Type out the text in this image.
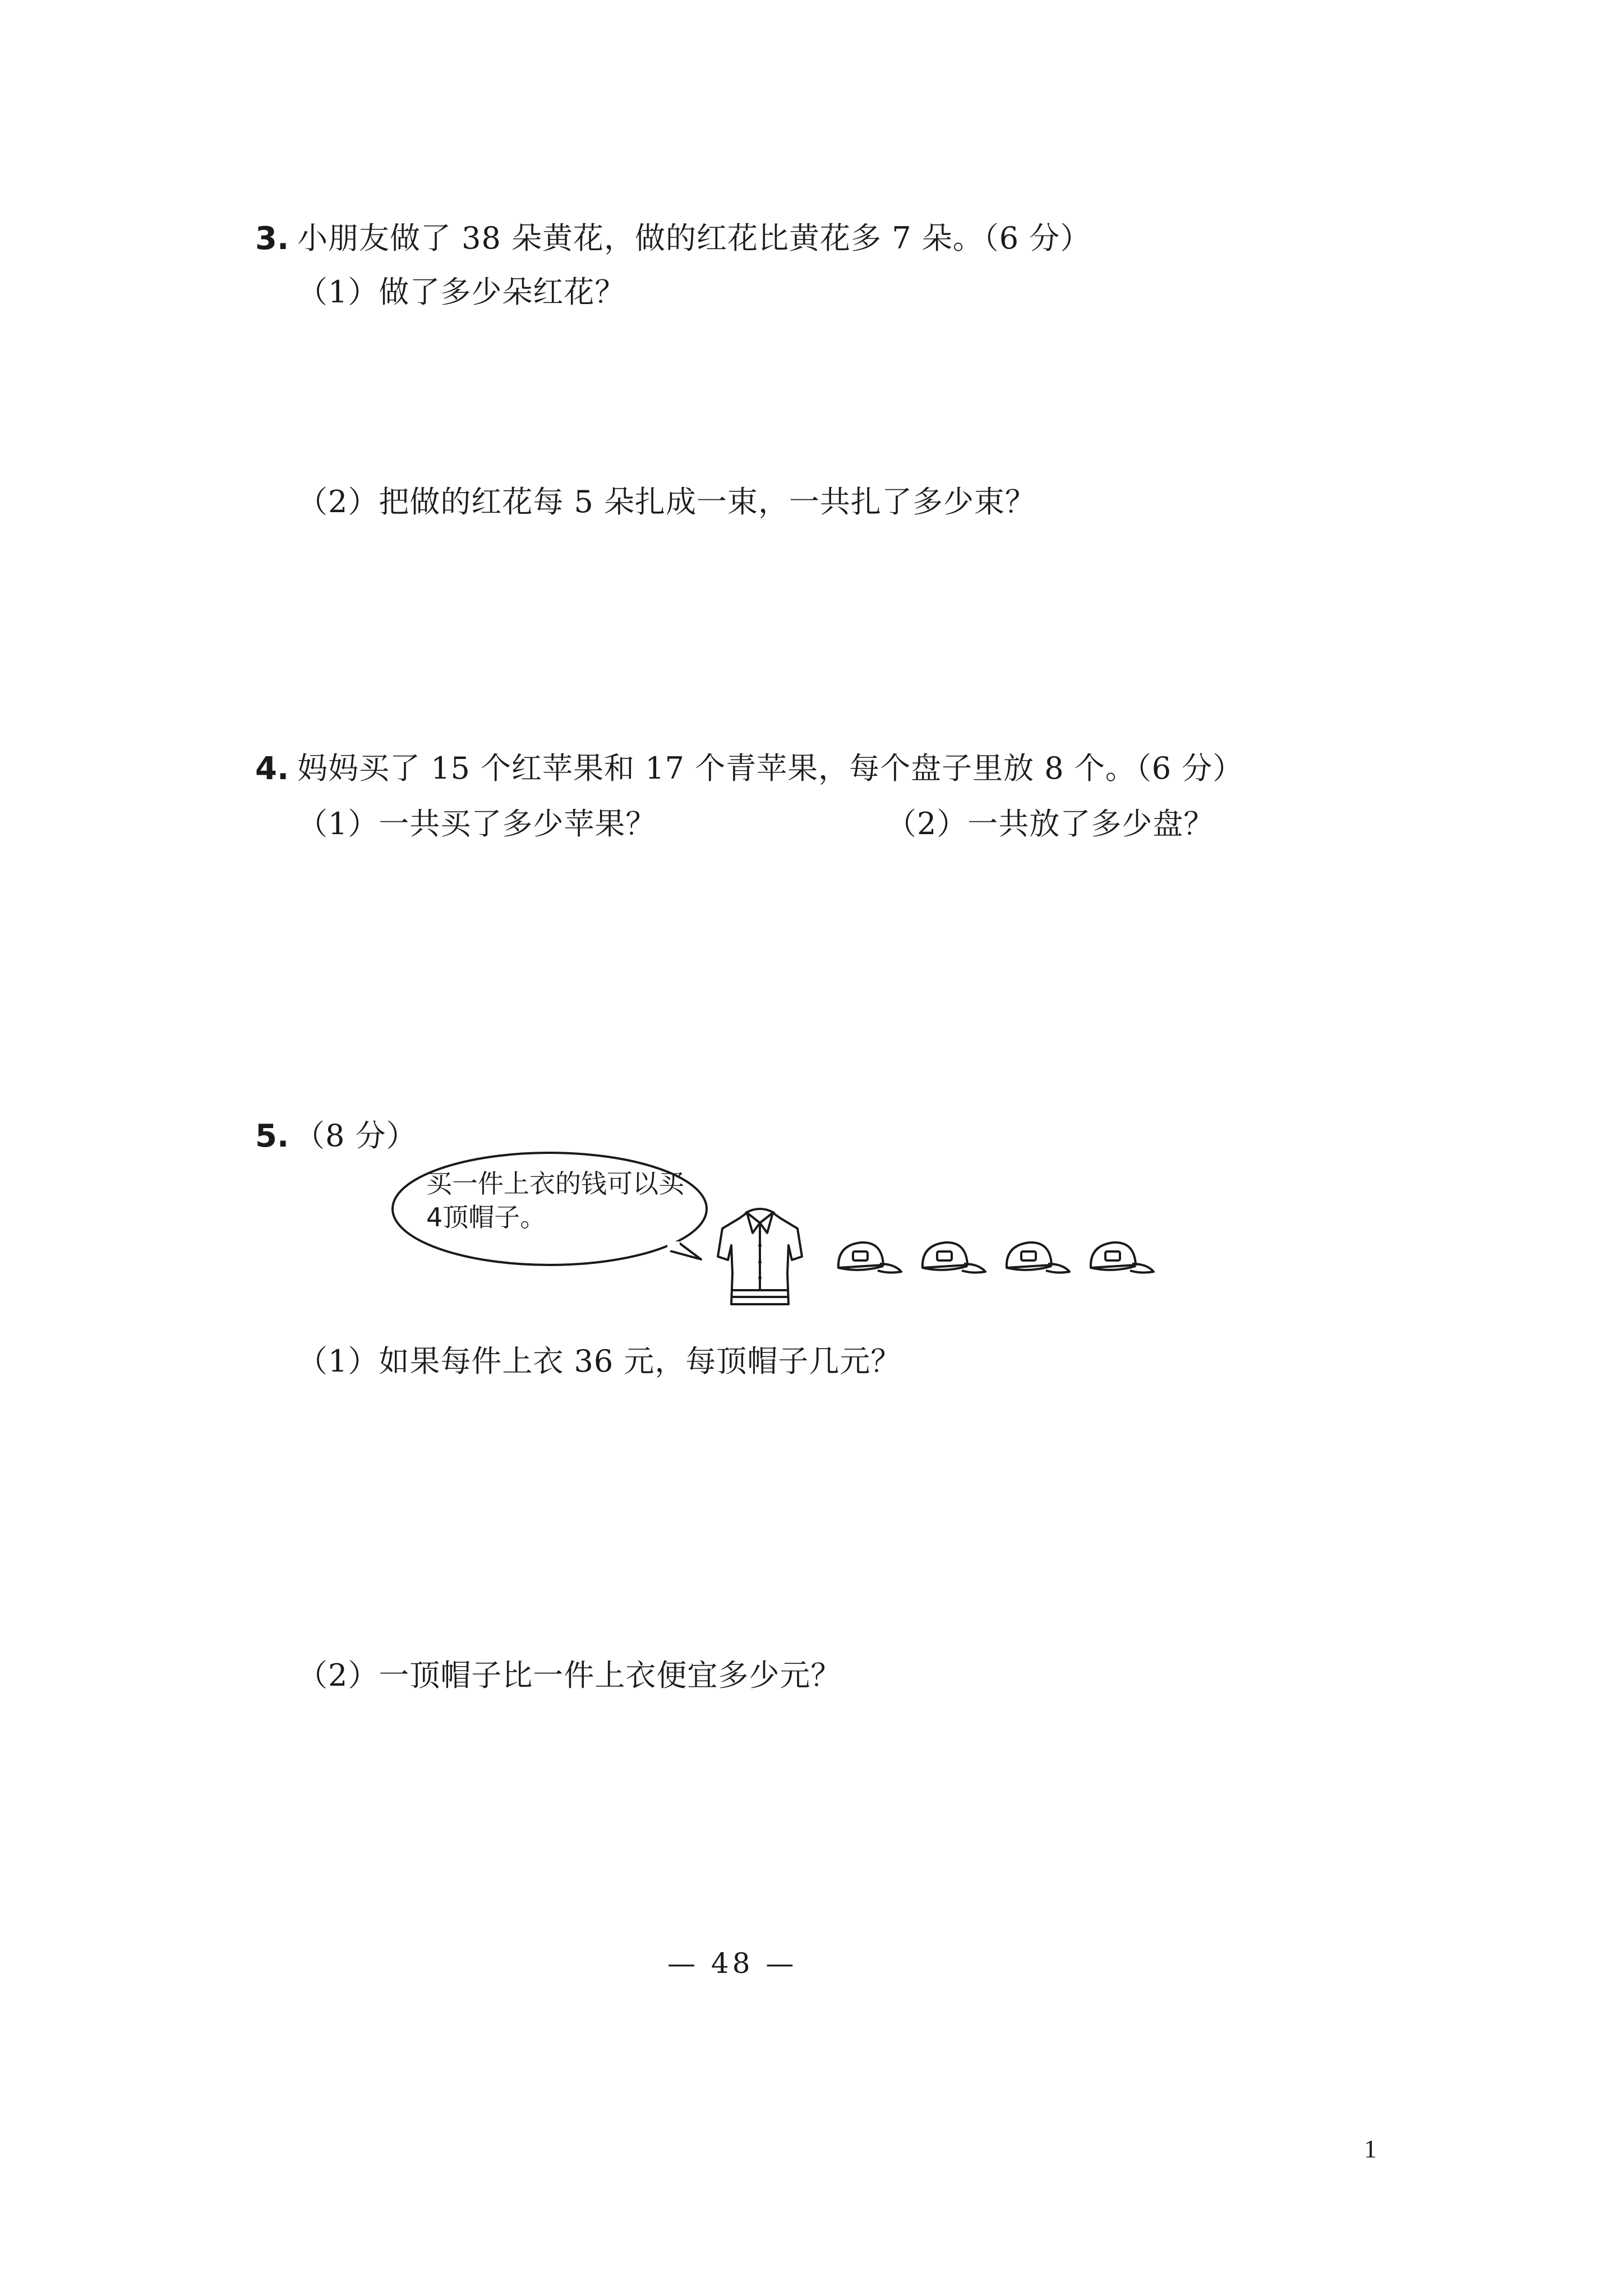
3. 小朋友做了 38 朵黄花，做的红花比黄花多 7 朵。（6 分）
（1）做了多少朵红花？
（2）把做的红花每 5 朵扎成一束，一共扎了多少束？
4. 妈妈买了 15 个红苹果和 17 个青苹果，每个盘子里放 8 个。（6 分）
（1）一共买了多少苹果？	（2）一共放了多少盘？
5. （8 分）
买一件上衣的钱可以买4顶帽子。
（1）如果每件上衣 36 元，每顶帽子几元？
（2）一顶帽子比一件上衣便宜多少元？
— 48 —
1
